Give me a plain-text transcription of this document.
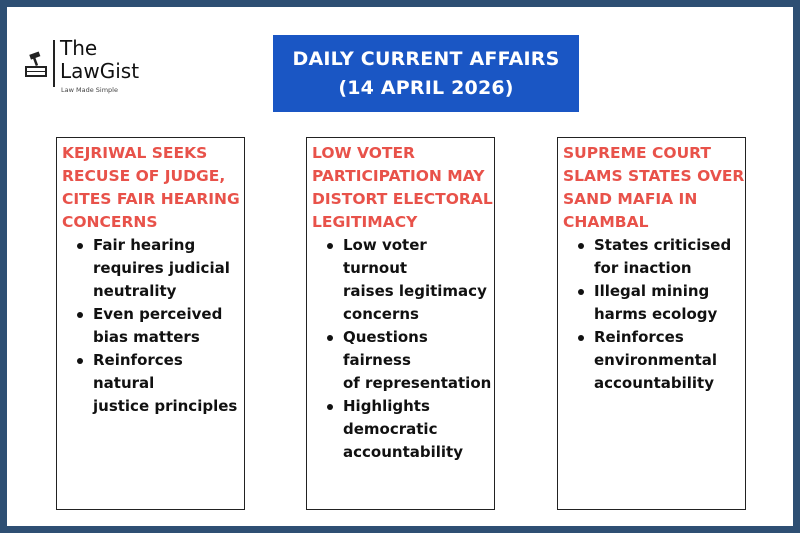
The
LawGist
Law Made Simple
DAILY CURRENT AFFAIRS
(14 APRIL 2026)
KEJRIWAL SEEKS
RECUSE OF JUDGE,
CITES FAIR HEARING
CONCERNS
Fair hearing
requires judicial
neutrality
Even perceived
bias matters
Reinforces natural
justice principles
LOW VOTER
PARTICIPATION MAY
DISTORT ELECTORAL
LEGITIMACY
Low voter turnout
raises legitimacy
concerns
Questions fairness
of representation
Highlights
democratic
accountability
SUPREME COURT
SLAMS STATES OVER
SAND MAFIA IN
CHAMBAL
States criticised
for inaction
Illegal mining
harms ecology
Reinforces
environmental
accountability
